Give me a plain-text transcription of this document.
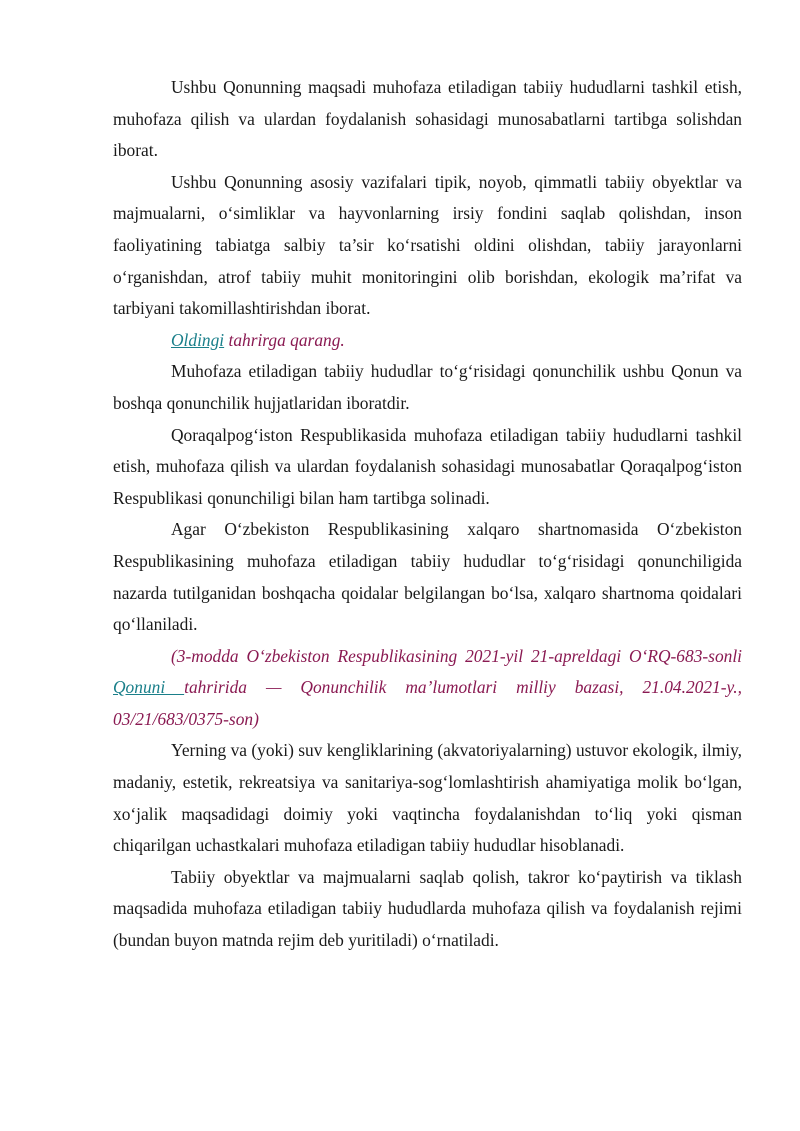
Ushbu Qonunning maqsadi muhofaza etiladigan tabiiy hududlarni tashkil etish, muhofaza qilish va ulardan foydalanish sohasidagi munosabatlarni tartibga solishdan iborat.

Ushbu Qonunning asosiy vazifalari tipik, noyob, qimmatli tabiiy obyektlar va majmualarni, o‘simliklar va hayvonlarning irsiy fondini saqlab qolishdan, inson faoliyatining tabiatga salbiy ta’sir ko‘rsatishi oldini olishdan, tabiiy jarayonlarni o‘rganishdan, atrof tabiiy muhit monitoringini olib borishdan, ekologik ma’rifat va tarbiyani takomillashtirishdan iborat.

Oldingi tahrirga qarang.

Muhofaza etiladigan tabiiy hududlar to‘g‘risidagi qonunchilik ushbu Qonun va boshqa qonunchilik hujjatlaridan iboratdir.

Qoraqalpog‘iston Respublikasida muhofaza etiladigan tabiiy hududlarni tashkil etish, muhofaza qilish va ulardan foydalanish sohasidagi munosabatlar Qoraqalpog‘iston Respublikasi qonunchiligi bilan ham tartibga solinadi.

Agar O‘zbekiston Respublikasining xalqaro shartnomasida O‘zbekiston Respublikasining muhofaza etiladigan tabiiy hududlar to‘g‘risidagi qonunchiligida nazarda tutilganidan boshqacha qoidalar belgilangan bo‘lsa, xalqaro shartnoma qoidalari qo‘llaniladi.

(3-modda O‘zbekiston Respublikasining 2021-yil 21-apreldagi O‘RQ-683-sonli Qonuni tahririda — Qonunchilik ma’lumotlari milliy bazasi, 21.04.2021-y., 03/21/683/0375-son)

Yerning va (yoki) suv kengliklarining (akvatoriyalarning) ustuvor ekologik, ilmiy, madaniy, estetik, rekreatsiya va sanitariya-sog‘lomlashtirish ahamiyatiga molik bo‘lgan, xo‘jalik maqsadidagi doimiy yoki vaqtincha foydalanishdan to‘liq yoki qisman chiqarilgan uchastkalari muhofaza etiladigan tabiiy hududlar hisoblanadi.

Tabiiy obyektlar va majmualarni saqlab qolish, takror ko‘paytirish va tiklash maqsadida muhofaza etiladigan tabiiy hududlarda muhofaza qilish va foydalanish rejimi (bundan buyon matnda rejim deb yuritiladi) o‘rnatiladi.
